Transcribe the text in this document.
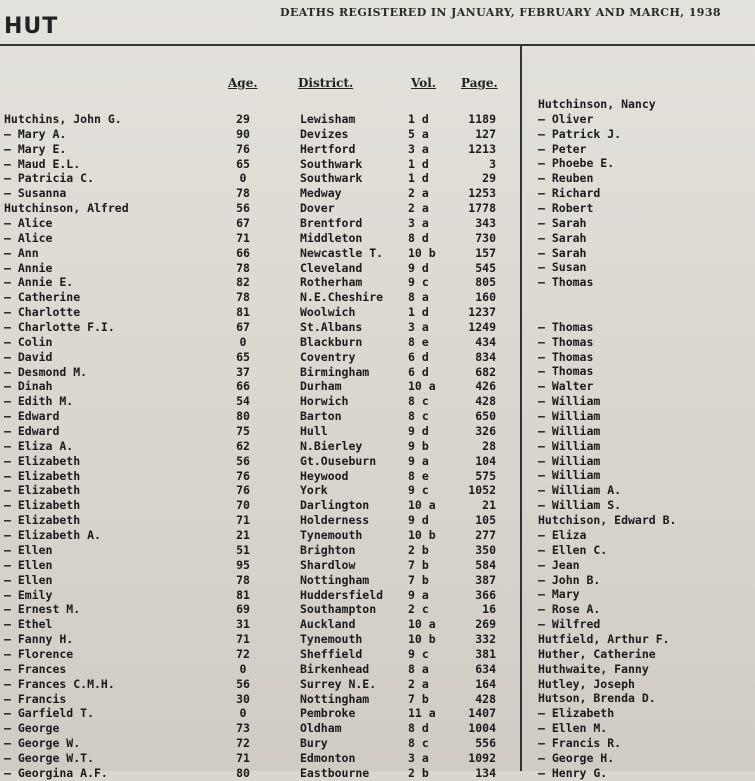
HUT
DEATHS REGISTERED IN JANUARY, FEBRUARY AND MARCH, 1938
Age.	District.	Vol. Page.
Hutchins, John G.	29	Lewisham	1 d	1189
— Mary A.	90	Devizes	5 a	127
— Mary E.	76	Hertford	3 a	1213
— Maud E.L.	65	Southwark	1 d	3
— Patricia C.	0	Southwark	1 d	29
— Susanna	78	Medway	2 a	1253
Hutchinson, Alfred	56	Dover	2 a	1778
— Alice	67	Brentford	3 a	343
— Alice	71	Middleton	8 d	730
— Ann	66	Newcastle T. 10 b	157
— Annie	78	Cleveland	9 d	545
— Annie E.	82	Rotherham	9 c	805
— Catherine	78	N.E.Cheshire 8 a	160
— Charlotte	81	Woolwich	1 d	1237
— Charlotte F.I.	67	St.Albans	3 a	1249
— Colin	0	Blackburn	8 e	434
— David	65	Coventry	6 d	834
— Desmond M.	37	Birmingham	6 d	682
— Dinah	66	Durham	10 a	426
— Edith M.	54	Horwich	8 c	428
— Edward	80	Barton	8 c	650
— Edward	75	Hull	9 d	326
— Eliza A.	62	N.Bierley	9 b	28
— Elizabeth	56	Gt.Ouseburn	9 a	104
— Elizabeth	76	Heywood	8 e	575
— Elizabeth	76	York	9 c	1052
— Elizabeth	70	Darlington	10 a	21
— Elizabeth	71	Holderness	9 d	105
— Elizabeth A.	21	Tynemouth	10 b	277
— Ellen	51	Brighton	2 b	350
— Ellen	95	Shardlow	7 b	584
— Ellen	78	Nottingham	7 b	387
— Emily	81	Huddersfield 9 a	366
— Ernest M.	69	Southampton	2 c	16
— Ethel	31	Auckland	10 a	269
— Fanny H.	71	Tynemouth	10 b	332
— Florence	72	Sheffield	9 c	381
— Frances	0	Birkenhead	8 a	634
— Frances C.M.H.	56	Surrey N.E.	2 a	164
— Francis	30	Nottingham	7 b	428
— Garfield T.	0	Pembroke	11 a	1407
— George	73	Oldham	8 d	1004
— George W.	72	Bury	8 c	556
— George W.T.	71	Edmonton	3 a	1092
— Georgina A.F.	80	Eastbourne	2 b	134
Hutchinson, Nancy
— Oliver
— Patrick J.
— Peter
— Phoebe E.
— Reuben
— Richard
— Robert
— Sarah
— Sarah
— Sarah
— Susan
— Thomas
— Thomas
— Thomas
— Thomas
— Thomas
— Walter
— William
— William
— William
— William
— William
— William
— William A.
— William S.
Hutchison, Edward B.
— Eliza
— Ellen C.
— Jean
— John B.
— Mary
— Rose A.
— Wilfred
Hutfield, Arthur F.
Huther, Catherine
Huthwaite, Fanny
Hutley, Joseph
Hutson, Brenda D.
— Elizabeth
— Ellen M.
— Francis R.
— George H.
— Henry G.
